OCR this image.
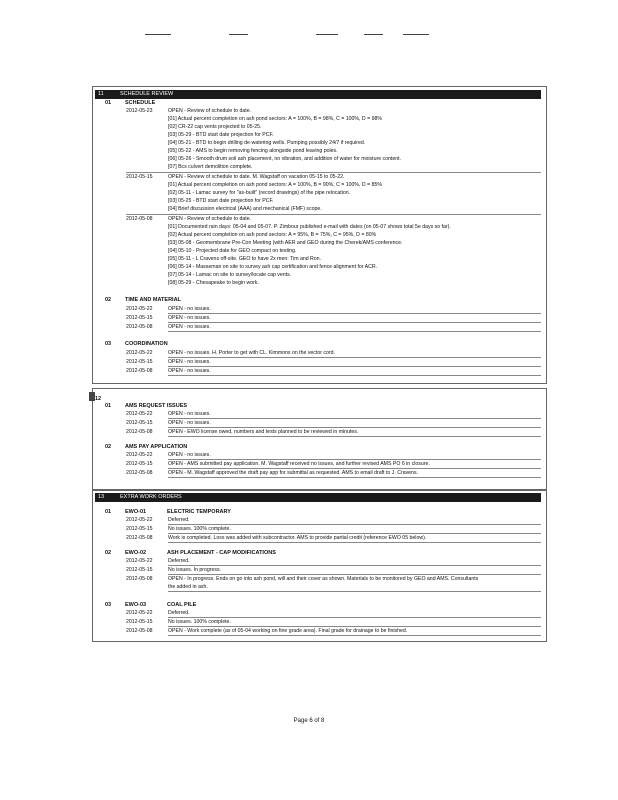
11	SCHEDULE REVIEW
01	SCHEDULE
2012-05-23	OPEN - Review of schedule to date.
[01] Actual percent completion on ash pond sectors: A = 100%, B = 98%, C = 100%, D = 98%
[02] CR-22 cap vents projected to 05-25.
[03] 05-29 - BTD start date projection for PCF.
[04] 05-21 - BTD to begin drilling de-watering wells. Pumping possibly 24/7 if required.
[05] 05-22 - AMS to begin removing fencing alongside pond leaving poles.
[06] 05-26 - Smooth drum soil ash placement, no vibration, and addition of water for moisture content.
[07] Bcs culvert demolition complete.
2012-05-15	OPEN - Review of schedule to date. M. Wagstaff on vacation 05-15 to 05-22.
[01] Actual percent completion on ash pond sectors: A = 100%, B = 90%, C = 100%, D = 85%
[02] 05-11 - Lamac survey for "as-built" (record drawings) of the pipe relocation.
[03] 05-25 - BTD start date projection for PCF.
[04] Brief discussion electrical (AAA) and mechanical (FMF) scope.
2012-05-08	OPEN - Review of schedule to date.
[01] Documented rain days: 05-04 and 05-07. P. Zimbour published e-mail with dates (on 05-07 shows total 5e days so far).
[02] Actual percent completion on ash pond sectors: A = 95%, B = 75%, C = 95%, D = 80%
[03] 05-08 - Geomembrane Pre-Con Meeting (with AER and GEO during the Cherek/AMS conference.
[04] 05-10 - Projected date for GEO compact on testing.
[05] 05-11 - L Cravens off-site. GEO to have 2x men: Tim and Ron.
[06] 05-14 - Masseman on site to survey ash cap certification and fence alignment for ACR.
[07] 05-14 - Lamac on site to survey/locate cap vents.
[08] 05-29 - Chesapeake to begin work.
02	TIME AND MATERIAL
2012-05-22	OPEN - no issues.
2012-05-15	OPEN - no issues.
2012-05-08	OPEN - no issues.
03	COORDINATION
2012-05-22	OPEN - no issues. H. Porter to get with CL. Kimmons on the vector cord.
2012-05-15	OPEN - no issues.
2012-05-08	OPEN - no issues.
12
01	AMS REQUEST ISSUES
2012-05-22	OPEN - no issues.
2012-05-15	OPEN - no issues.
2012-05-08	OPEN - EWO license owed, numbers and tests planned to be reviewed in minutes.
02	AMS PAY APPLICATION
2012-05-22	OPEN - no issues.
2012-05-15	OPEN - AMS submitted pay application. M. Wagstaff received no issues, and further revised AMS PO 6 in closure.
2012-05-08	OPEN - M. Wagstaff approved the draft pay app for submittal as requested. AMS to email draft to J. Cravens.
13	EXTRA WORK ORDERS
01	EWO-01	ELECTRIC TEMPORARY
2012-05-22	Deferred.
2012-05-15	No issues. 100% complete.
2012-05-08	Work is completed. Loss was added with subcontractor. AMS to provide partial credit (reference EWO 05 below).
02	EWO-02	ASH PLACEMENT - CAP MODIFICATIONS
2012-05-22	Deferred.
2012-05-15	No issues. In progress.
2012-05-08	OPEN - In progress. Ends on go into ash pond, will and their cover as shown. Materials to be monitored by GEO and AMS. Consultants
the added in ash.
03	EWO-03	COAL PILE
2012-05-22	Deferred.
2012-05-15	No issues. 100% complete.
2012-05-08	OPEN - Work complete (as of 05-04 working on fine grade area). Final grade for drainage to be finished.
Page 6 of 8
